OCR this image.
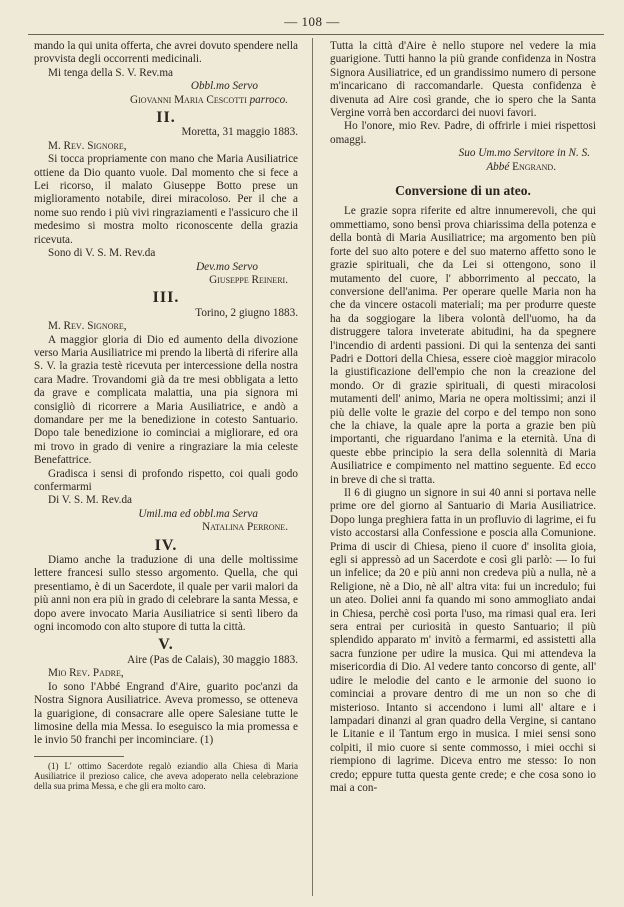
— 108 —

mando la qui unita offerta, che avrei dovuto spendere nella provvista degli occorrenti medicinali.

Mi tenga della S. V. Rev.ma

Obbl.mo Servo

Giovanni Maria Cescotti parroco.

II.

Moretta, 31 maggio 1883.

M. Rev. Signore,

Si tocca propriamente con mano che Maria Ausiliatrice ottiene da Dio quanto vuole. Dal momento che si fece a Lei ricorso, il malato Giuseppe Botto prese un miglioramento notabile, direi miracoloso. Per il che a nome suo rendo i più vivi ringraziamenti e l'assicuro che il medesimo si mostra molto riconoscente della grazia ricevuta.

Sono di V. S. M. Rev.da

Dev.mo Servo

Giuseppe Reineri.

III.

Torino, 2 giugno 1883.

M. Rev. Signore,

A maggior gloria di Dio ed aumento della divozione verso Maria Ausiliatrice mi prendo la libertà di riferire alla S. V. la grazia testè ricevuta per intercessione della nostra cara Madre. Trovandomi già da tre mesi obbligata a letto da grave e complicata malattia, una pia signora mi consigliò di ricorrere a Maria Ausiliatrice, e andò a domandare per me la benedizione in cotesto Santuario. Dopo tale benedizione io cominciai a migliorare, ed ora mi trovo in grado di venire a ringraziare la mia celeste Benefattrice.

Gradisca i sensi di profondo rispetto, coi quali godo confermarmi

Di V. S. M. Rev.da

Umil.ma ed obbl.ma Serva

Natalina Perrone.

IV.

Diamo anche la traduzione di una delle moltissime lettere francesi sullo stesso argomento. Quella, che qui presentiamo, è di un Sacerdote, il quale per varii malori da più anni non era più in grado di celebrare la santa Messa, e dopo avere invocato Maria Ausiliatrice si sentì libero da ogni incomodo con alto stupore di tutta la città.

V.

Aire (Pas de Calais), 30 maggio 1883.

Mio Rev. Padre,

Io sono l'Abbé Engrand d'Aire, guarito poc'anzi da Nostra Signora Ausiliatrice. Aveva promesso, se otteneva la guarigione, di consacrare alle opere Salesiane tutte le limosine della mia Messa. Io eseguisco la mia promessa e le invio 50 franchi per incominciare. (1)

(1) L' ottimo Sacerdote regalò eziandio alla Chiesa di Maria Ausiliatrice il prezioso calice, che aveva adoperato nella celebrazione della sua prima Messa, e che gli era molto caro.

Tutta la città d'Aire è nello stupore nel vedere la mia guarigione. Tutti hanno la più grande confidenza in Nostra Signora Ausiliatrice, ed un grandissimo numero di persone m'incaricano di raccomandarle. Questa confidenza è divenuta ad Aire così grande, che io spero che la Santa Vergine vorrà ben accordarci dei nuovi favori.

Ho l'onore, mio Rev. Padre, di offrirle i miei rispettosi omaggi.

Suo Um.mo Servitore in N. S.

Abbé Engrand.

Conversione di un ateo.

Le grazie sopra riferite ed altre innumerevoli, che qui ommettiamo, sono bensì prova chiarissima della potenza e della bontà di Maria Ausiliatrice; ma argomento ben più forte del suo alto potere e del suo materno affetto sono le grazie spirituali, che da Lei si ottengono, sono il mutamento del cuore, l' abborrimento al peccato, la conversione dell'anima. Per operare quelle Maria non ha che da vincere ostacoli materiali; ma per produrre queste ha da soggiogare la libera volontà dell'uomo, ha da distruggere talora inveterate abitudini, ha da spegnere l'incendio di ardenti passioni. Di qui la sentenza dei santi Padri e Dottori della Chiesa, essere cioè maggior miracolo la giustificazione dell'empio che non la creazione del mondo. Or di grazie spirituali, di questi miracolosi mutamenti dell' animo, Maria ne opera moltissimi; anzi il più delle volte le grazie del corpo e del tempo non sono che la chiave, la quale apre la porta a grazie ben più importanti, che riguardano l'anima e la eternità. Una di queste ebbe principio la sera della solennità di Maria Ausiliatrice e compimento nel mattino seguente. Ed ecco in breve di che si tratta.

Il 6 di giugno un signore in sui 40 anni si portava nelle prime ore del giorno al Santuario di Maria Ausiliatrice. Dopo lunga preghiera fatta in un profluvio di lagrime, ei fu visto accostarsi alla Confessione e poscia alla Comunione. Prima di uscir di Chiesa, pieno il cuore d' insolita gioia, egli si appressò ad un Sacerdote e così gli parlò: — Io fui un infelice; da 20 e più anni non credeva più a nulla, nè a Religione, nè a Dio, nè all' altra vita: fui un incredulo; fui un ateo. Doliei anni fa quando mi sono ammogliato andai in Chiesa, perchè così porta l'uso, ma rimasi qual era. Ieri sera entrai per curiosità in questo Santuario; il più splendido apparato m' invitò a fermarmi, ed assistetti alla sacra funzione per udire la musica. Qui mi attendeva la misericordia di Dio. Al vedere tanto concorso di gente, all' udire le melodie del canto e le armonie del suono io cominciai a provare dentro di me un non so che di misterioso. Intanto si accendono i lumi all' altare e i lampadari dinanzi al gran quadro della Vergine, si cantano le Litanie e il Tantum ergo in musica. I miei sensi sono colpiti, il mio cuore si sente commosso, i miei occhi si riempiono di lagrime. Diceva entro me stesso: Io non credo; eppure tutta questa gente crede; e che cosa sono io mai a con-
